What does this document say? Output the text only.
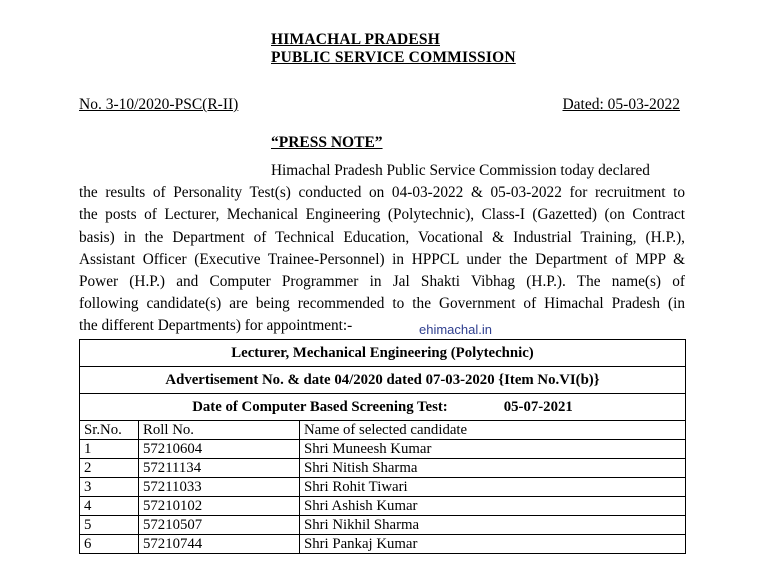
HIMACHAL PRADESH
PUBLIC SERVICE COMMISSION
No. 3-10/2020-PSC(R-II)	Dated: 05-03-2022
“PRESS NOTE”
Himachal Pradesh Public Service Commission today declared
the results of Personality Test(s) conducted on 04-03-2022 & 05-03-2022 for recruitment to
the posts of Lecturer, Mechanical Engineering (Polytechnic), Class-I (Gazetted) (on Contract
basis) in the Department of Technical Education, Vocational & Industrial Training, (H.P.),
Assistant Officer (Executive Trainee-Personnel) in HPPCL under the Department of MPP &
Power (H.P.) and Computer Programmer in Jal Shakti Vibhag (H.P.). The name(s) of
following candidate(s) are being recommended to the Government of Himachal Pradesh (in
the different Departments) for appointment:-	ehimachal.in
Lecturer, Mechanical Engineering (Polytechnic)		
Advertisement No. & date 04/2020 dated 07-03-2020 {Item No.VI(b)}		
Date of Computer Based Screening Test: 05-07-2021		
Sr.No.	Roll No.	Name of selected candidate
1	57210604	Shri Muneesh Kumar
2	57211134	Shri Nitish Sharma
3	57211033	Shri Rohit Tiwari
4	57210102	Shri Ashish Kumar
5	57210507	Shri Nikhil Sharma
6	57210744	Shri Pankaj Kumar
